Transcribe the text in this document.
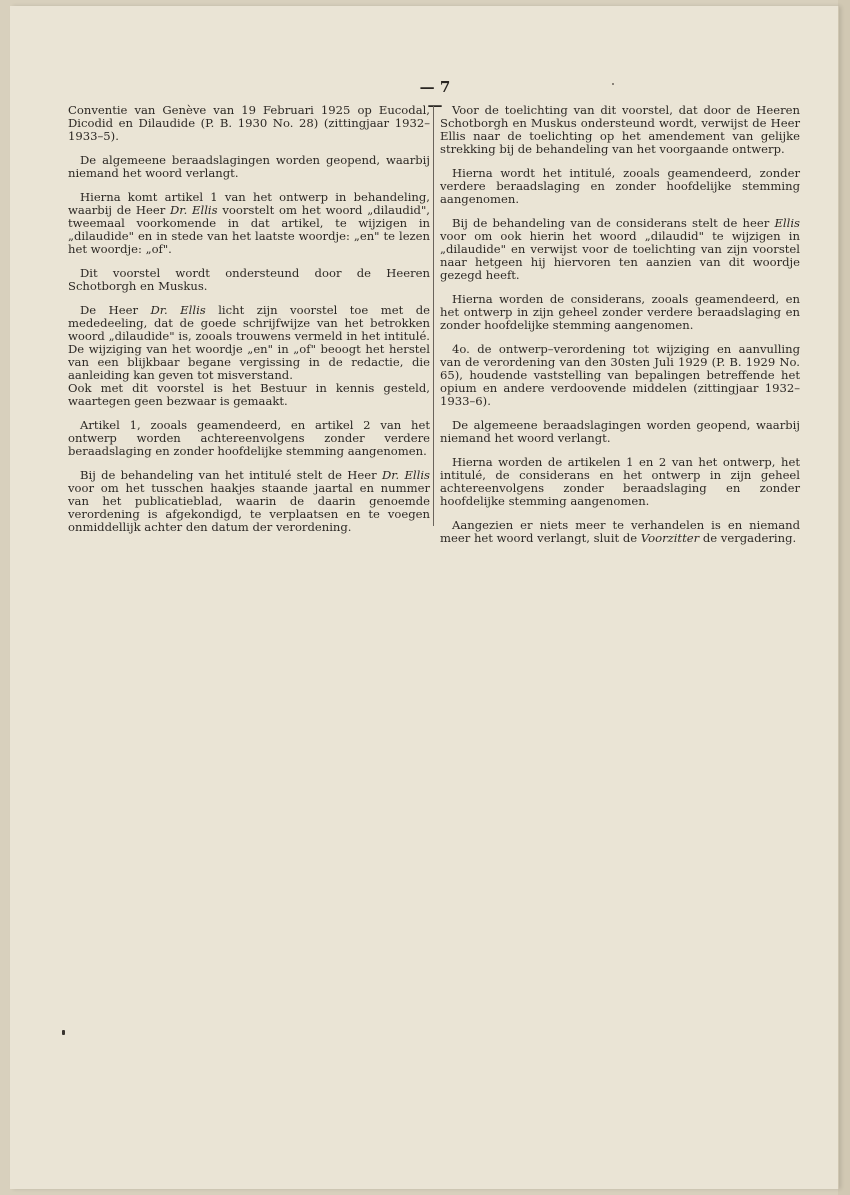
— 7 —

Conventie van Genève van 19 Februari 1925 op Eucodal, Dicodid en Dilaudide (P. B. 1930 No. 28) (zittingjaar 1932–1933–5).

De algemeene beraadslagingen worden geopend, waarbij niemand het woord verlangt.

Hierna komt artikel 1 van het ontwerp in behandeling, waarbij de Heer Dr. Ellis voorstelt om het woord „dilaudid", tweemaal voorkomende in dat artikel, te wijzigen in „dilaudide" en in stede van het laatste woordje: „en" te lezen het woordje: „of".

Dit voorstel wordt ondersteund door de Heeren Schotborgh en Muskus.

De Heer Dr. Ellis licht zijn voorstel toe met de mededeeling, dat de goede schrijfwijze van het betrokken woord „dilaudide" is, zooals trouwens vermeld in het intitulé. De wijziging van het woordje „en" in „of" beoogt het herstel van een blijkbaar begane vergissing in de redactie, die aanleiding kan geven tot misverstand.

Ook met dit voorstel is het Bestuur in kennis gesteld, waartegen geen bezwaar is gemaakt.

Artikel 1, zooals geamendeerd, en artikel 2 van het ontwerp worden achtereenvolgens zonder verdere beraadslaging en zonder hoofdelijke stemming aangenomen.

Bij de behandeling van het intitulé stelt de Heer Dr. Ellis voor om het tusschen haakjes staande jaartal en nummer van het publicatieblad, waarin de daarin genoemde verordening is afgekondigd, te verplaatsen en te voegen onmiddellijk achter den datum der verordening.

Voor de toelichting van dit voorstel, dat door de Heeren Schotborgh en Muskus ondersteund wordt, verwijst de Heer Ellis naar de toelichting op het amendement van gelijke strekking bij de behandeling van het voorgaande ontwerp.

Hierna wordt het intitulé, zooals geamendeerd, zonder verdere beraadslaging en zonder hoofdelijke stemming aangenomen.

Bij de behandeling van de considerans stelt de heer Ellis voor om ook hierin het woord „dilaudid" te wijzigen in „dilaudide" en verwijst voor de toelichting van zijn voorstel naar hetgeen hij hiervoren ten aanzien van dit woordje gezegd heeft.

Hierna worden de considerans, zooals geamendeerd, en het ontwerp in zijn geheel zonder verdere beraadslaging en zonder hoofdelijke stemming aangenomen.

4o. de ontwerp–verordening tot wijziging en aanvulling van de verordening van den 30sten Juli 1929 (P. B. 1929 No. 65), houdende vaststelling van bepalingen betreffende het opium en andere verdoovende middelen (zittingjaar 1932–1933–6).

De algemeene beraadslagingen worden geopend, waarbij niemand het woord verlangt.

Hierna worden de artikelen 1 en 2 van het ontwerp, het intitulé, de considerans en het ontwerp in zijn geheel achtereenvolgens zonder beraadslaging en zonder hoofdelijke stemming aangenomen.

Aangezien er niets meer te verhandelen is en niemand meer het woord verlangt, sluit de Voorzitter de vergadering.
